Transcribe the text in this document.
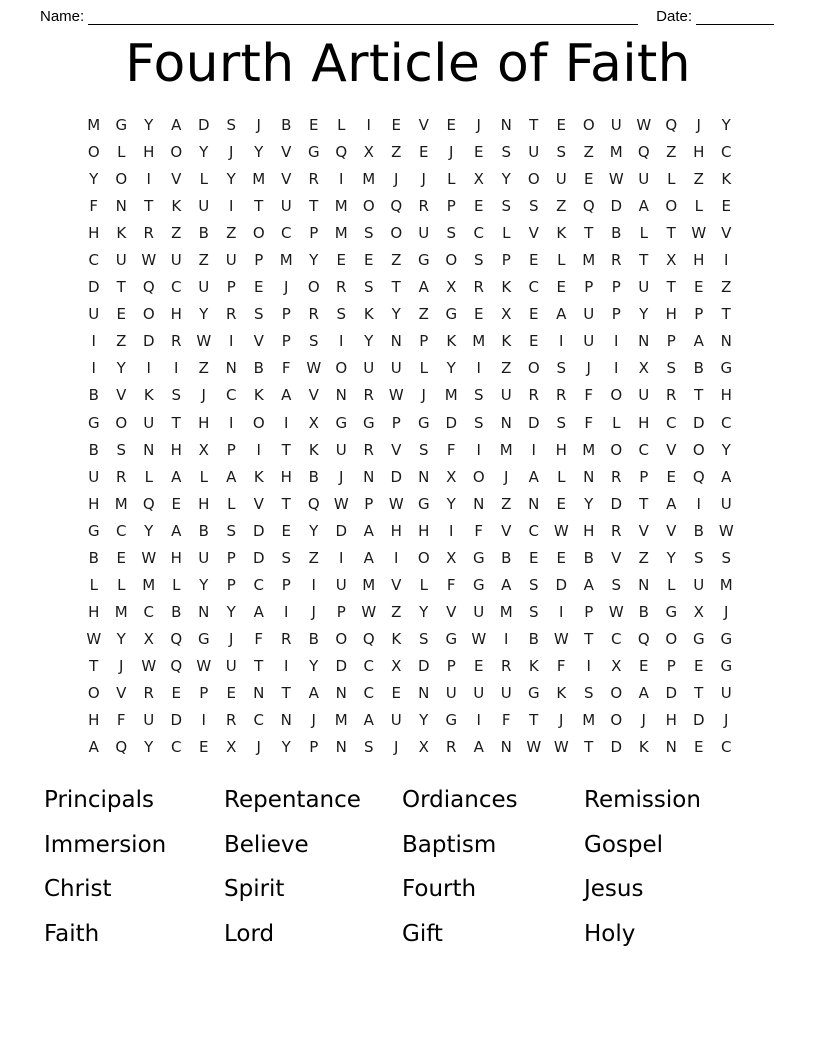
Name:	Date:
Fourth Article of Faith
M	G	Y	A	D	S	J	B	E	L	I	E	V	E	J	N	T	E	O	U W Q	J	Y
O	L	H	O	Y	J	Y	V	G	Q	X	Z	E	J	E	S	U	S	Z	M	Q	Z	H	C
Y	O	I	V	L	Y	M	V	R	I	M	J	J	L	X	Y	O	U	E	W U	L	Z	K
F	N	T	K	U	I	T	U	T	M	O	Q	R	P	E	S	S	Z	Q	D	A	O	L	E
H	K	R	Z	B	Z	O	C	P	M	S	O	U	S	C	L	V	K	T	B	L	T	W V
C	U W U	Z	U	P	M	Y	E	E	Z	G	O	S	P	E	L	M	R	T	X	H	I
D	T	Q	C	U	P	E	J	O	R	S	T	A	X	R	K	C	E	P	P	U	T	E	Z
U	E	O	H	Y	R	S	P	R	S	K	Y	Z	G	E	X	E	A	U	P	Y	H	P	T
I	Z	D	R W	I	V	P	S	I	Y	N	P	K	M	K	E	I	U	I	N	P	A	N
I	Y	I	I	Z	N	B	F	W O	U	U	L	Y	I	Z	O	S	J	I	X	S	B	G
B	V	K	S	J	C	K	A	V	N	R W	J	M	S	U	R	R	F	O	U	R	T	H
G	O	U	T	H	I	O	I	X	G	G	P	G	D	S	N	D	S	F	L	H	C	D	C
B	S	N	H	X	P	I	T	K	U	R	V	S	F	I	M	I	H	M	O	C	V	O	Y
U	R	L	A	L	A	K	H	B	J	N	D	N	X	O	J	A	L	N	R	P	E	Q	A
H	M	Q	E	H	L	V	T	Q W	P	W G	Y	N	Z	N	E	Y	D	T	A	I	U
G	C	Y	A	B	S	D	E	Y	D	A	H	H	I	F	V	C W H	R	V	V	B W
B	E	W H	U	P	D	S	Z	I	A	I	O	X	G	B	E	E	B	V	Z	Y	S	S
L	L	M	L	Y	P	C	P	I	U	M	V	L	F	G	A	S	D	A	S	N	L	U	M
H	M	C	B	N	Y	A	I	J	P	W Z	Y	V	U	M	S	I	P	W B	G	X	J
W	Y	X	Q	G	J	F	R	B	O	Q	K	S	G W	I	B W	T	C	Q	O	G	G
T	J	W Q W U	T	I	Y	D	C	X	D	P	E	R	K	F	I	X	E	P	E	G
O	V	R	E	P	E	N	T	A	N	C	E	N	U	U	U	G	K	S	O	A	D	T	U
H	F	U	D	I	R	C	N	J	M	A	U	Y	G	I	F	T	J	M	O	J	H	D	J
A	Q	Y	C	E	X	J	Y	P	N	S	J	X	R	A	N W W	T	D	K	N	E	C
Principals	Repentance	Ordiances	Remission
Immersion	Believe	Baptism	Gospel
Christ	Spirit	Fourth	Jesus
Faith	Lord	Gift	Holy
